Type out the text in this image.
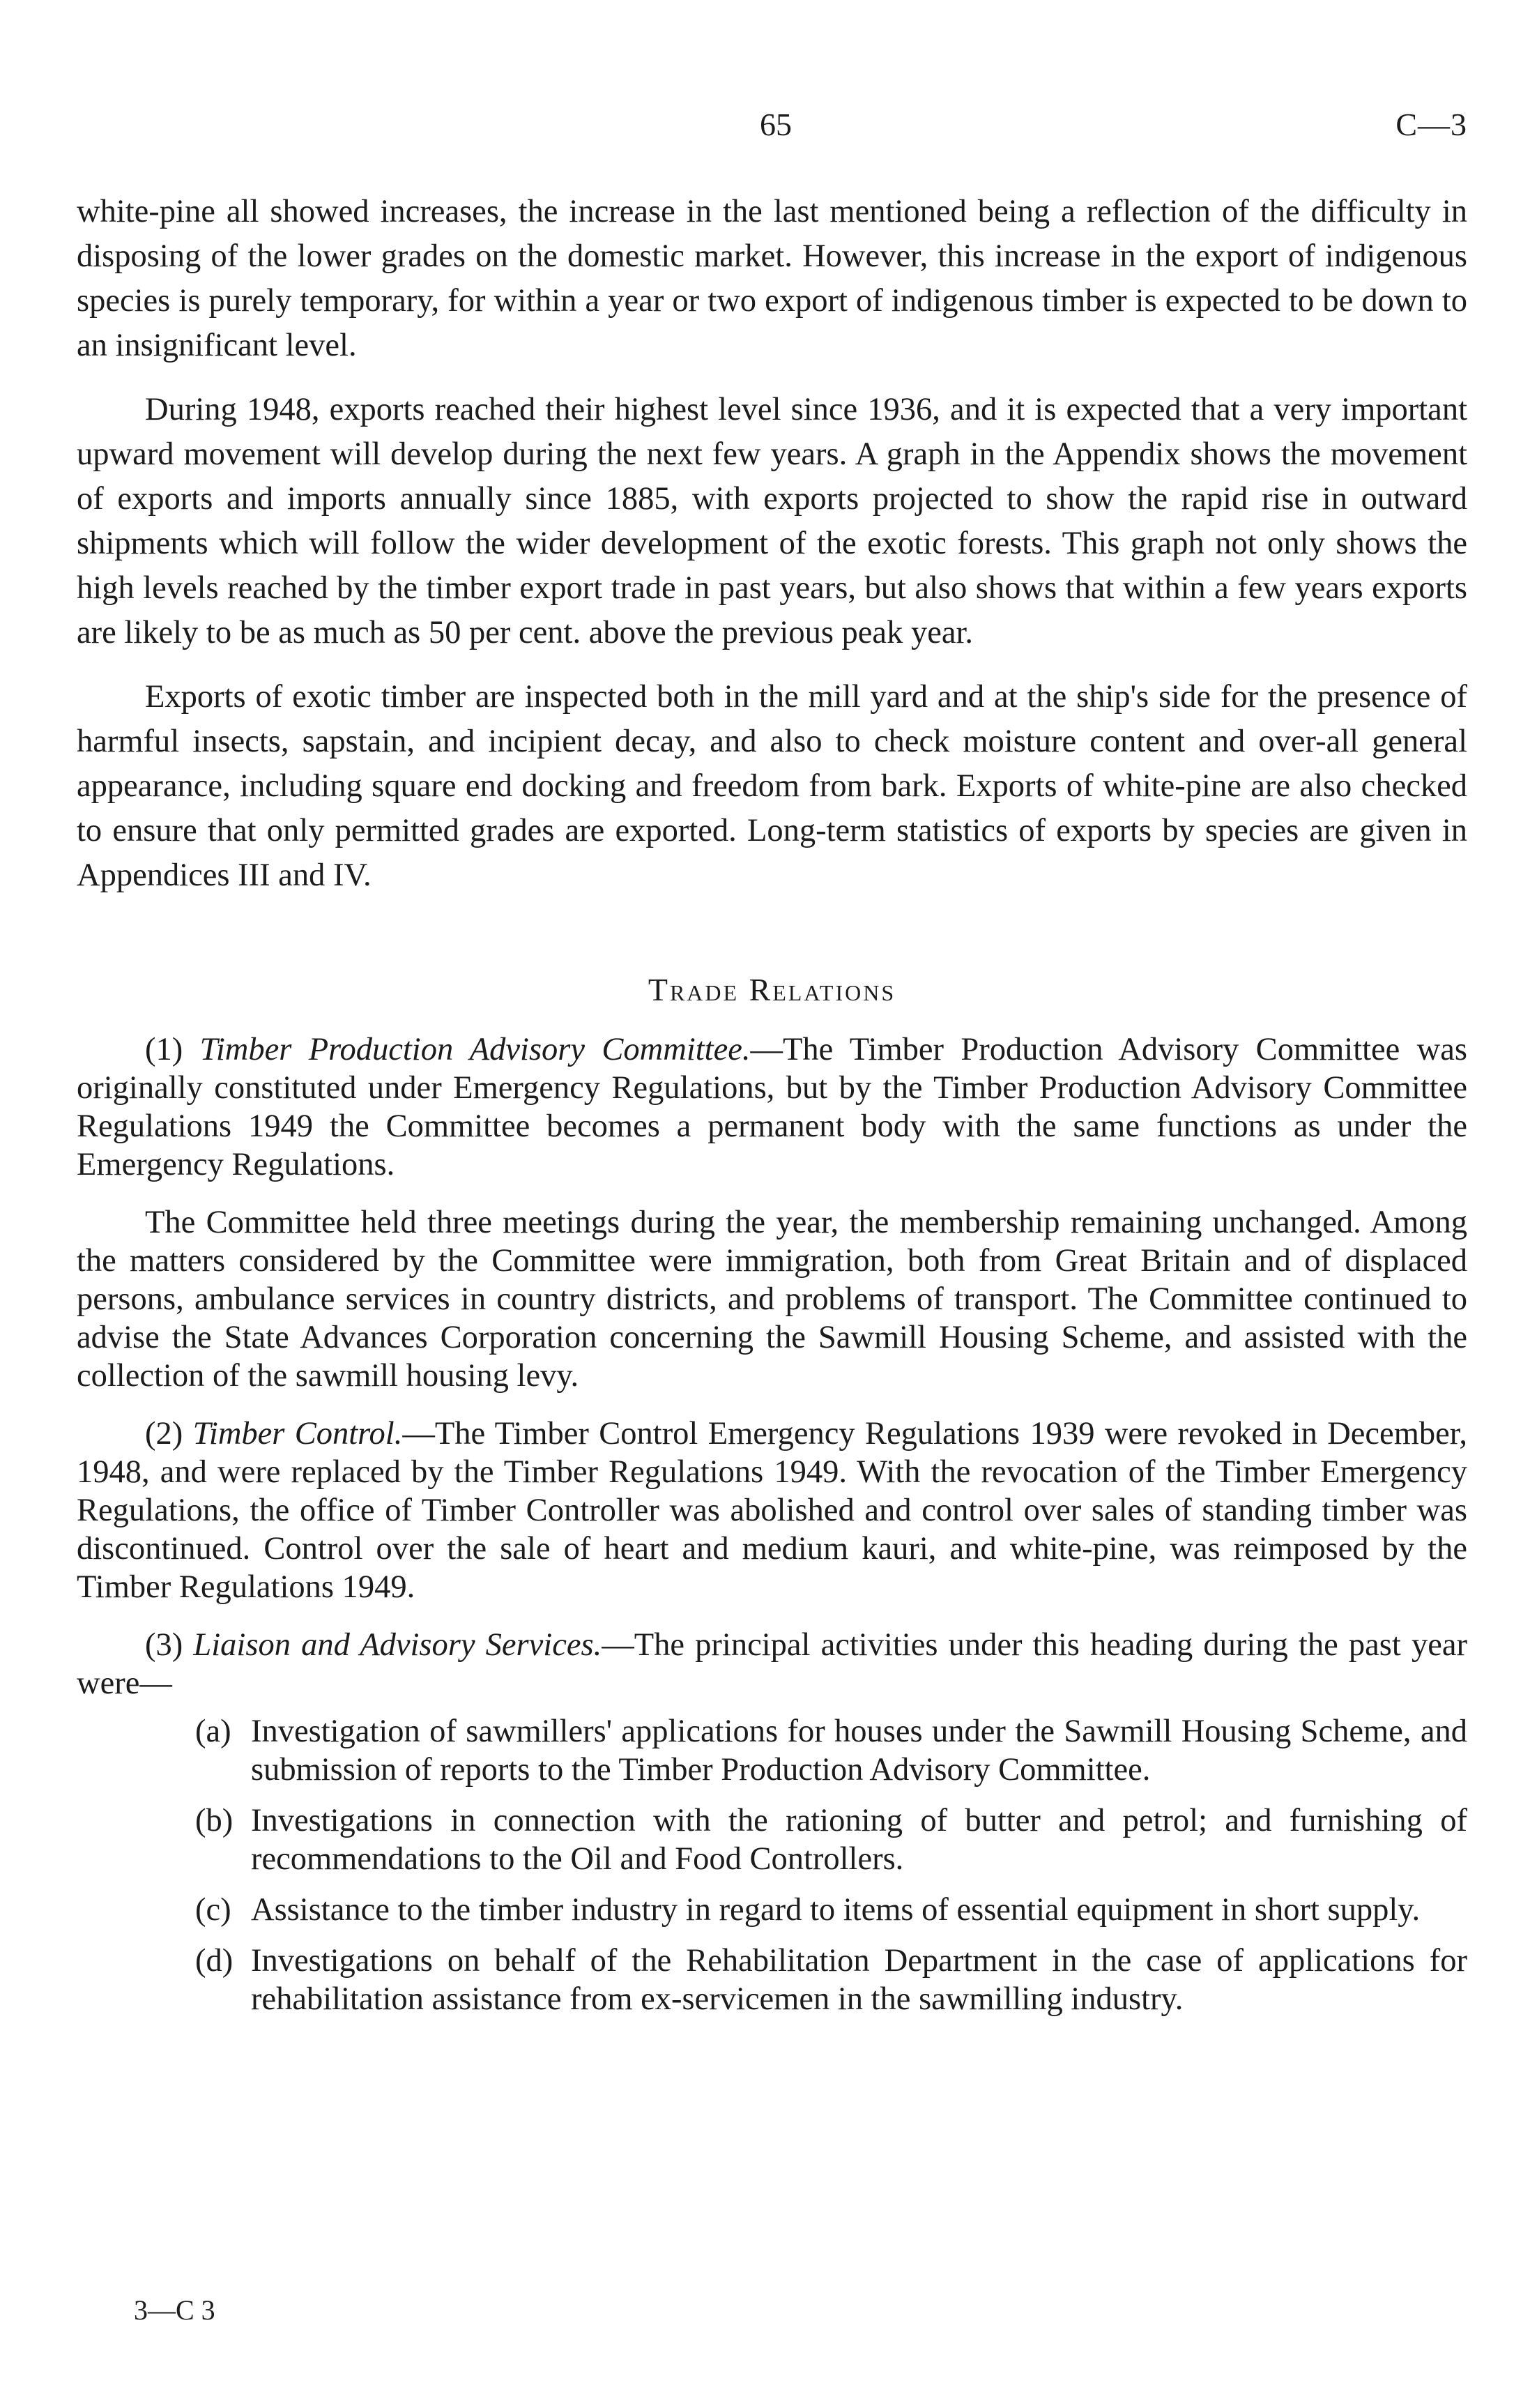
65	C—3

white-pine all showed increases, the increase in the last mentioned being a reflection of the difficulty in disposing of the lower grades on the domestic market. However, this increase in the export of indigenous species is purely temporary, for within a year or two export of indigenous timber is expected to be down to an insignificant level.

During 1948, exports reached their highest level since 1936, and it is expected that a very important upward movement will develop during the next few years. A graph in the Appendix shows the movement of exports and imports annually since 1885, with exports projected to show the rapid rise in outward shipments which will follow the wider development of the exotic forests. This graph not only shows the high levels reached by the timber export trade in past years, but also shows that within a few years exports are likely to be as much as 50 per cent. above the previous peak year.

Exports of exotic timber are inspected both in the mill yard and at the ship's side for the presence of harmful insects, sapstain, and incipient decay, and also to check moisture content and over-all general appearance, including square end docking and freedom from bark. Exports of white-pine are also checked to ensure that only permitted grades are exported. Long-term statistics of exports by species are given in Appendices III and IV.

Trade Relations

(1) Timber Production Advisory Committee.—The Timber Production Advisory Committee was originally constituted under Emergency Regulations, but by the Timber Production Advisory Committee Regulations 1949 the Committee becomes a permanent body with the same functions as under the Emergency Regulations.

The Committee held three meetings during the year, the membership remaining unchanged. Among the matters considered by the Committee were immigration, both from Great Britain and of displaced persons, ambulance services in country districts, and problems of transport. The Committee continued to advise the State Advances Corporation concerning the Sawmill Housing Scheme, and assisted with the collection of the sawmill housing levy.

(2) Timber Control.—The Timber Control Emergency Regulations 1939 were revoked in December, 1948, and were replaced by the Timber Regulations 1949. With the revocation of the Timber Emergency Regulations, the office of Timber Controller was abolished and control over sales of standing timber was discontinued. Control over the sale of heart and medium kauri, and white-pine, was reimposed by the Timber Regulations 1949.

(3) Liaison and Advisory Services.—The principal activities under this heading during the past year were—

(a) Investigation of sawmillers' applications for houses under the Sawmill Housing Scheme, and submission of reports to the Timber Production Advisory Committee.
(b) Investigations in connection with the rationing of butter and petrol; and furnishing of recommendations to the Oil and Food Controllers.
(c) Assistance to the timber industry in regard to items of essential equipment in short supply.
(d) Investigations on behalf of the Rehabilitation Department in the case of applications for rehabilitation assistance from ex-servicemen in the sawmilling industry.
3—C 3
